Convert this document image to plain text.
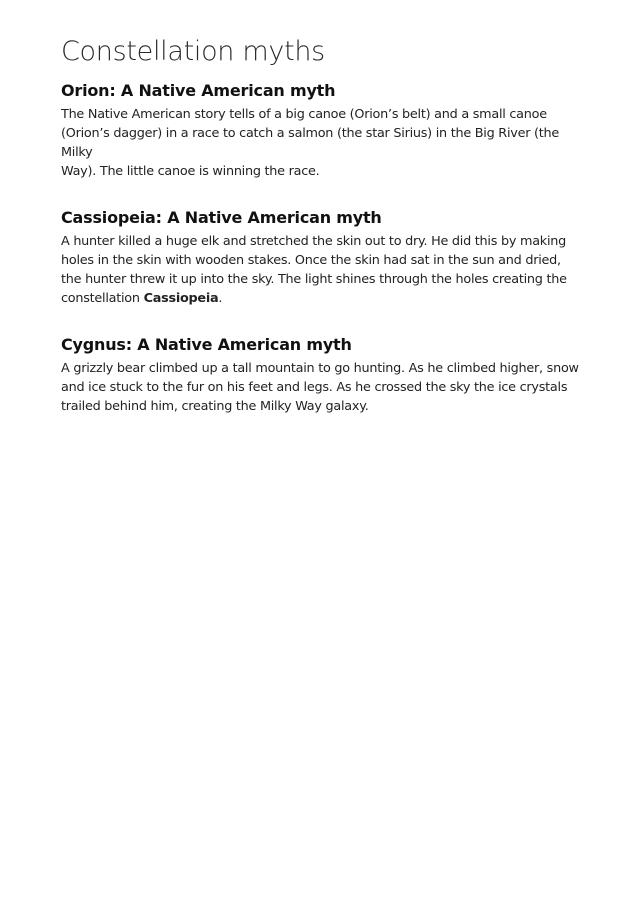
Constellation myths
Orion: A Native American myth

The Native American story tells of a big canoe (Orion’s belt) and a small canoe
(Orion’s dagger) in a race to catch a salmon (the star Sirius) in the Big River (the Milky
Way). The little canoe is winning the race.

Cassiopeia: A Native American myth

A hunter killed a huge elk and stretched the skin out to dry. He did this by making
holes in the skin with wooden stakes. Once the skin had sat in the sun and dried,
the hunter threw it up into the sky. The light shines through the holes creating the
constellation Cassiopeia.

Cygnus: A Native American myth

A grizzly bear climbed up a tall mountain to go hunting. As he climbed higher, snow
and ice stuck to the fur on his feet and legs. As he crossed the sky the ice crystals
trailed behind him, creating the Milky Way galaxy.
